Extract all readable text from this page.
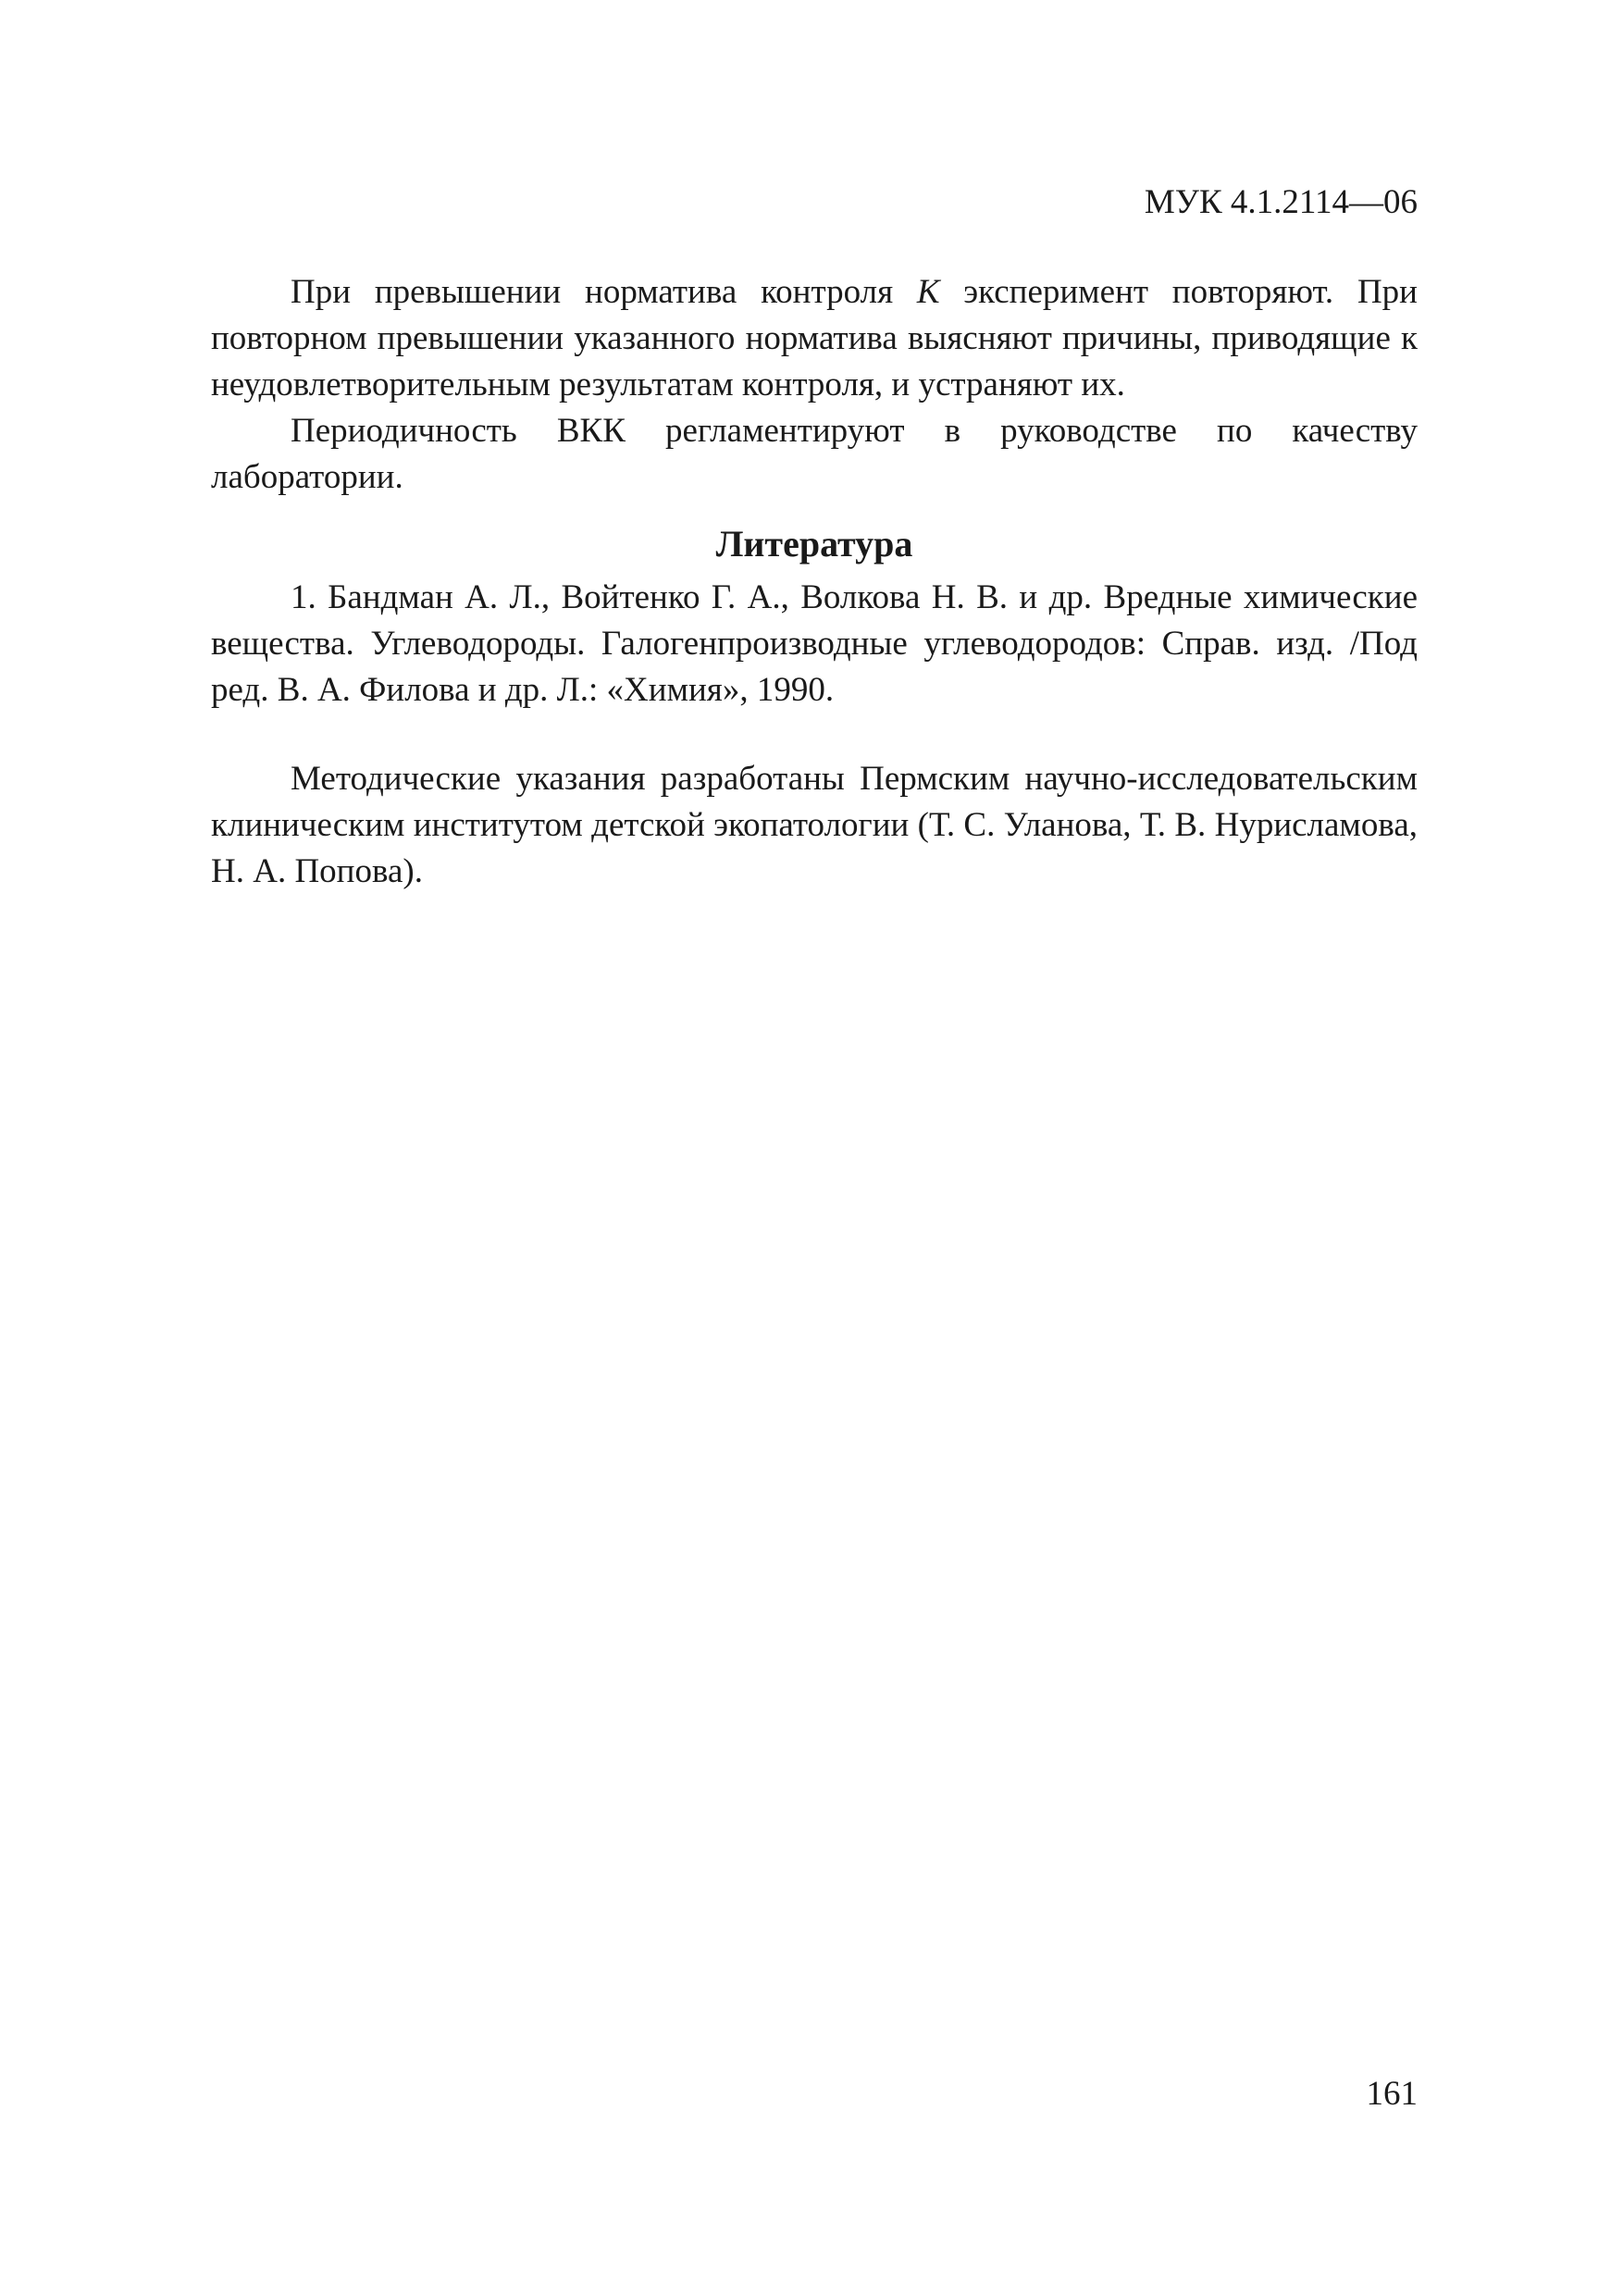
МУК 4.1.2114—06

При превышении норматива контроля К эксперимент повторяют. При повторном превышении указанного норматива выясняют причины, приводящие к неудовлетворительным результатам контроля, и устраняют их.

Периодичность ВКК регламентируют в руководстве по качеству лаборатории.

Литература

1. Бандман А. Л., Войтенко Г. А., Волкова Н. В. и др. Вредные химические вещества. Углеводороды. Галогенпроизводные углеводородов: Справ. изд. /Под ред. В. А. Филова и др. Л.: «Химия», 1990.

Методические указания разработаны Пермским научно-исследовательским клиническим институтом детской экопатологии (Т. С. Уланова, Т. В. Нурисламова, Н. А. Попова).

161
